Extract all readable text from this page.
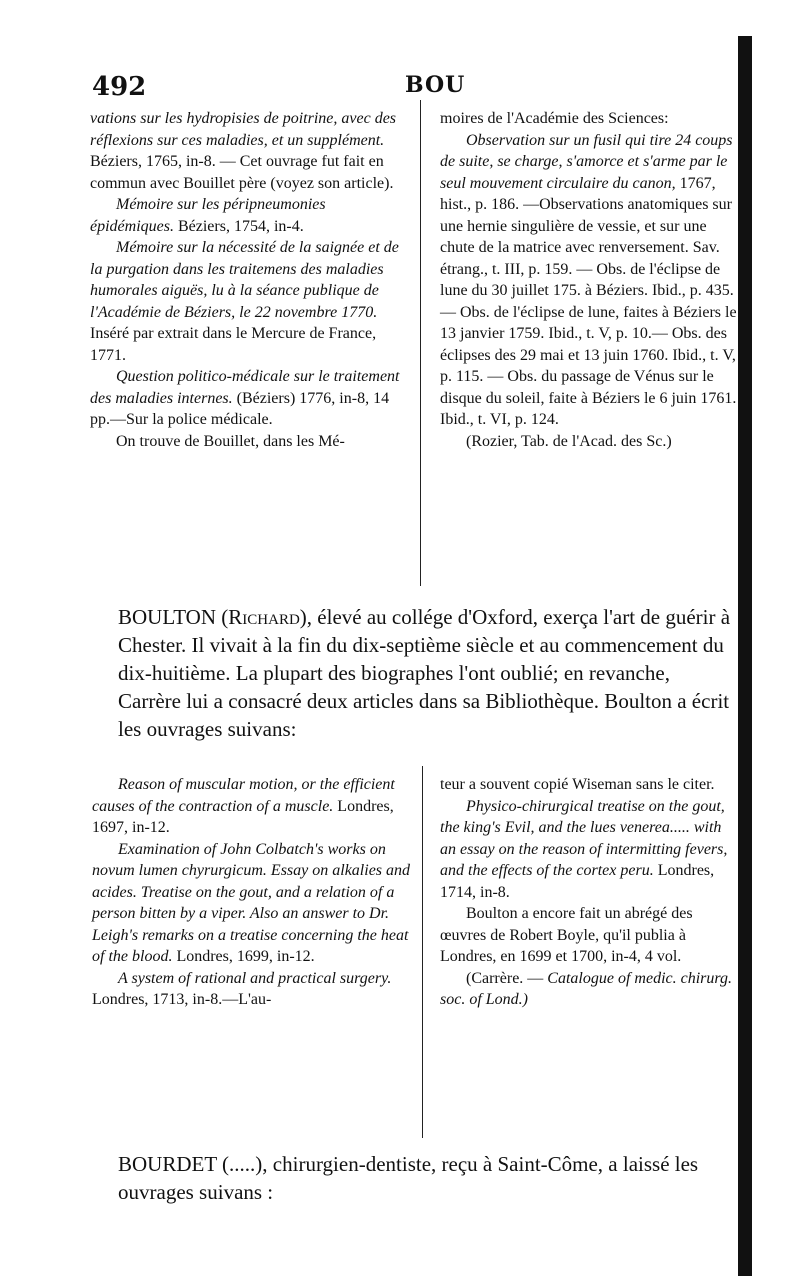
492	BOU

vations sur les hydropisies de poitrine, avec des réflexions sur ces maladies, et un supplément. Béziers, 1765, in-8. — Cet ouvrage fut fait en commun avec Bouillet père (voyez son article).

Mémoire sur les péripneumonies épidémiques. Béziers, 1754, in-4.

Mémoire sur la nécessité de la saignée et de la purgation dans les traitemens des maladies humorales aiguës, lu à la séance publique de l'Académie de Béziers, le 22 novembre 1770. Inséré par extrait dans le Mercure de France, 1771.

Question politico-médicale sur le traitement des maladies internes. (Béziers) 1776, in-8, 14 pp.—Sur la police médicale.

On trouve de Bouillet, dans les Mé-

moires de l'Académie des Sciences:

Observation sur un fusil qui tire 24 coups de suite, se charge, s'amorce et s'arme par le seul mouvement circulaire du canon, 1767, hist., p. 186. —Observations anatomiques sur une hernie singulière de vessie, et sur une chute de la matrice avec renversement. Sav. étrang., t. III, p. 159. — Obs. de l'éclipse de lune du 30 juillet 175. à Béziers. Ibid., p. 435. — Obs. de l'éclipse de lune, faites à Béziers le 13 janvier 1759. Ibid., t. V, p. 10.— Obs. des éclipses des 29 mai et 13 juin 1760. Ibid., t. V, p. 115. — Obs. du passage de Vénus sur le disque du soleil, faite à Béziers le 6 juin 1761. Ibid., t. VI, p. 124.

(Rozier, Tab. de l'Acad. des Sc.)

BOULTON (Richard), élevé au collége d'Oxford, exerça l'art de guérir à Chester. Il vivait à la fin du dix-septième siècle et au commencement du dix-huitième. La plupart des biographes l'ont oublié; en revanche, Carrère lui a consacré deux articles dans sa Bibliothèque. Boulton a écrit les ouvrages suivans:

Reason of muscular motion, or the efficient causes of the contraction of a muscle. Londres, 1697, in-12.

Examination of John Colbatch's works on novum lumen chyrurgicum. Essay on alkalies and acides. Treatise on the gout, and a relation of a person bitten by a viper. Also an answer to Dr. Leigh's remarks on a treatise concerning the heat of the blood. Londres, 1699, in-12.

A system of rational and practical surgery. Londres, 1713, in-8.—L'au-

teur a souvent copié Wiseman sans le citer.

Physico-chirurgical treatise on the gout, the king's Evil, and the lues venerea..... with an essay on the reason of intermitting fevers, and the effects of the cortex peru. Londres, 1714, in-8.

Boulton a encore fait un abrégé des œuvres de Robert Boyle, qu'il publia à Londres, en 1699 et 1700, in-4, 4 vol.

(Carrère. — Catalogue of medic. chirurg. soc. of Lond.)

BOURDET (.....), chirurgien-dentiste, reçu à Saint-Côme, a laissé les ouvrages suivans :
